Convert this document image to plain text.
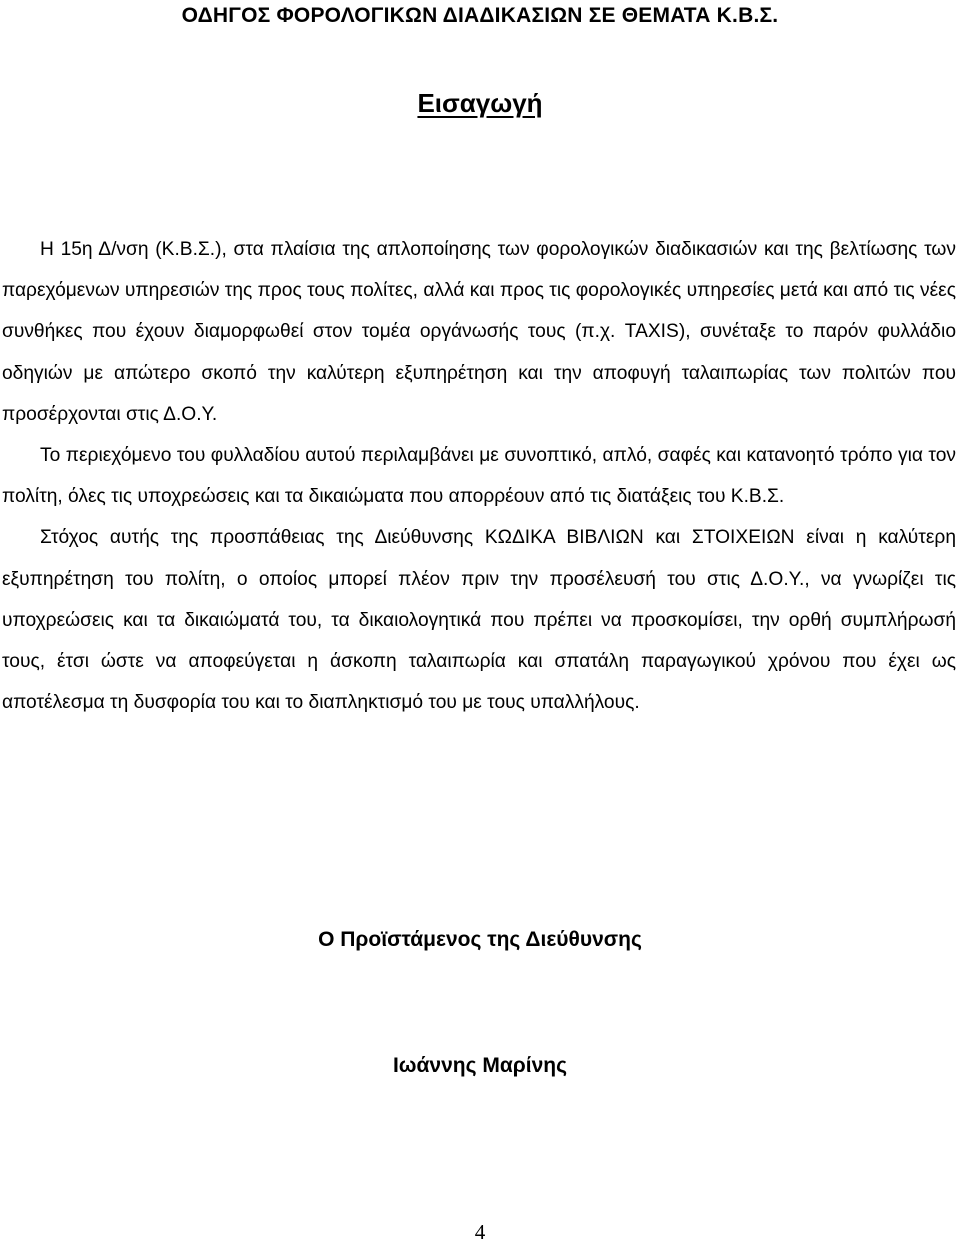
ΟΔΗΓΟΣ ΦΟΡΟΛΟΓΙΚΩΝ ΔΙΑΔΙΚΑΣΙΩΝ ΣΕ ΘΕΜΑΤΑ Κ.Β.Σ.
Εισαγωγή

Η 15η Δ/νση (Κ.Β.Σ.), στα πλαίσια της απλοποίησης των φορολογικών διαδικασιών και της βελτίωσης των παρεχόμενων υπηρεσιών της προς τους πολίτες, αλλά και προς τις φορολογικές υπηρεσίες μετά και από τις νέες συνθήκες που έχουν διαμορφωθεί στον τομέα οργάνωσής τους (π.χ. TAXIS), συνέταξε το παρόν φυλλάδιο οδηγιών με απώτερο σκοπό την καλύτερη εξυπηρέτηση και την αποφυγή ταλαιπωρίας των πολιτών που προσέρχονται στις Δ.Ο.Υ.

Το περιεχόμενο του φυλλαδίου αυτού περιλαμβάνει με συνοπτικό, απλό, σαφές και κατανοητό τρόπο για τον πολίτη, όλες τις υποχρεώσεις και τα δικαιώματα που απορρέουν από τις διατάξεις του Κ.Β.Σ.

Στόχος αυτής της προσπάθειας της Διεύθυνσης ΚΩΔΙΚΑ ΒΙΒΛΙΩΝ και ΣΤΟΙΧΕΙΩΝ είναι η καλύτερη εξυπηρέτηση του πολίτη, ο οποίος μπορεί πλέον πριν την προσέλευσή του στις Δ.Ο.Υ., να γνωρίζει τις υποχρεώσεις και τα δικαιώματά του, τα δικαιολογητικά που πρέπει να προσκομίσει, την ορθή συμπλήρωσή τους, έτσι ώστε να αποφεύγεται η άσκοπη ταλαιπωρία και σπατάλη παραγωγικού χρόνου που έχει ως αποτέλεσμα τη δυσφορία του και το διαπληκτισμό του με τους υπαλλήλους.

Ο Προϊστάμενος της Διεύθυνσης
Ιωάννης Μαρίνης
4
